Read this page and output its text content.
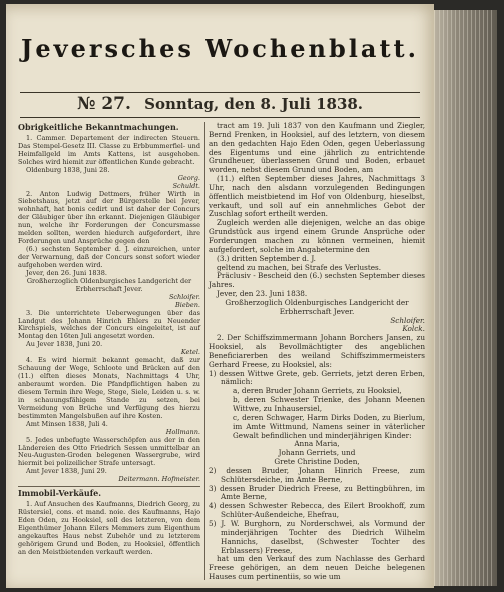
Jeversches Wochenblatt.
№ 27. Sonntag, den 8. Juli 1838.

Obrigkeitliche Bekanntmachungen.

1. Cammer. Departement der indirecten Steuern. Das Stempel-Gesetz III. Classe zu Erbbummerfiel- und Heimfallgeld im Amts Kattens, ist ausgehoben. Solches wird hiemit zur öffentlichen Kunde gebracht.

Oldenburg 1838, Juni 28.

Georg.

Schuldt.

2. Anton Ludwig Dettmers, früher Wirth in Siebetshaus, jetzt auf der Bürgerstelle bei Jever, wohnhaft, hat bonis cedirt und ist daher der Concurs der Gläubiger über ihn erkannt. Diejenigen Gläubiger nun, welche ihr Forderungen der Concursmasse melden sollten, werden hiedurch aufgefordert, ihre Forderungen und Ansprüche gegen den

(6.) sechsten September d. J. einzureichen, unter der Verwarnung, daß der Concurs sonst sofort wieder aufgehoben werden wird.

Jever, den 26. Juni 1838.

Großherzoglich Oldenburgisches Landgericht der Erbherrschaft Jever.

Schloifer.

Bieben.

3. Die unterrichtete Ueberwegungen über das Landgut des Johann Hinrich Ehlers zu Neuender Kirchspiels, welches der Concurs eingeleitet, ist auf Montag den 16ten Juli angesetzt worden.

Au Jever 1838, Juni 20.

Ketel.

4. Es wird hiermit bekannt gemacht, daß zur Schauung der Wege, Schloote und Brücken auf den (11.) elften dieses Monats, Nachmittags 4 Uhr, anberaumt worden. Die Pfandpflichtigen haben zu diesem Termin ihre Wege, Stege, Siele, Leiden u. s. w. in schauungsfähigem Stande zu setzen, bei Vermeidung von Brüche und Verfügung des hierzu bestimmten Mangelsbußen auf ihre Kosten.

Amt Minsen 1838, Juli 4.

Hollmann.

5. Jedes unbefugte Wasserschöpfen aus der in den Ländereien des Otto Friedrich Sessen unmittelbar an Neu-Augusten-Groden belegenen Wassergrube, wird hiermit bei polizeilicher Strafe untersagt.

Amt Jever 1838, Juni 29.

Deitermann. Hofmeister.

Immobil-Verkäufe.

1. Auf Ansuchen des Kaufmanns, Diedrich Georg, zu Rüstersiel, cons. et mand. noie. des Kaufmanns, Hajo Eden Oden, zu Hooksiel, soll des letzteren, von dem Eigenthümer Johann Eilers Memmers zum Eigenthum angekauftes Haus nebst Zubehör und zu letzterem gehörigem Grund und Boden, zu Hooksiel, öffentlich an den Meistbietenden verkauft werden.

tract am 19. Juli 1837 von den Kaufmann und Ziegler, Bernd Frenken, in Hooksiel, auf des letztern, von diesem an den gedachten Hajo Eden Oden, gegen Ueberlassung des Eigentums und eine jährlich zu entrichtende Grundheuer, überlassenen Grund und Boden, erbauet worden, nebst diesem Grund und Boden, am

(11.) elften September dieses Jahres, Nachmittags 3 Uhr, nach den alsdann vorzulegenden Bedingungen öffentlich meistbietend im Hof von Oldenburg, hieselbst, verkauft, und soll auf ein annehmliches Gebot der Zuschlag sofort ertheilt werden.

Zugleich werden alle diejenigen, welche an das obige Grundstück aus irgend einem Grunde Ansprüche oder Forderungen machen zu können vermeinen, hiemit aufgefordert, solche im Angabetermine den

(3.) dritten September d. J.

geltend zu machen, bei Strafe des Verlustes.

Präclusiv - Bescheid den (6.) sechsten September dieses Jahres.

Jever, den 23. Juni 1838.

Großherzoglich Oldenburgisches Landgericht der Erbherrschaft Jever.

Schloifer.

Kolck.

2. Der Schiffszimmermann Johann Borchers Jansen, zu Hooksiel, als Bevollmächtigter des angeblichen Beneficiarerben des weiland Schiffszimmermeisters Gerhard Freese, zu Hooksiel, als:

1) dessen Wittwe Grete, geb. Gerriets, jetzt deren Erben, nämlich:

a, deren Bruder Johann Gerriets, zu Hooksiel,

b, deren Schwester Trienke, des Johann Meenen Wittwe, zu Inhausersiel,

c, deren Schwager, Harm Dirks Doden, zu Bierlum, im Amte Wittmund, Namens seiner in väterlicher Gewalt befindlichen und minderjährigen Kinder:

Anna Maria,

Johann Gerriets, und

Grete Christine Doden,

2) dessen Bruder, Johann Hinrich Freese, zum Schlütersdeiche, im Amte Berne,

3) dessen Bruder Diedrich Freese, zu Bettingbühren, im Amte Berne,

4) dessen Schwester Rebecca, des Eilert Brookhoff, zum Schlüter-Außendeiche, Ehefrau,

5) J. W. Burghorn, zu Norderschweì, als Vormund der minderjährigen Tochter des Diedrich Wilhelm Hannichs, daselbst, (Schwester Tochter des Erblassers) Freese,

hat um den Verkauf des zum Nachlasse des Gerhard Freese gehörigen, an dem neuen Deiche belegenen Hauses cum pertinentiis, so wie um
